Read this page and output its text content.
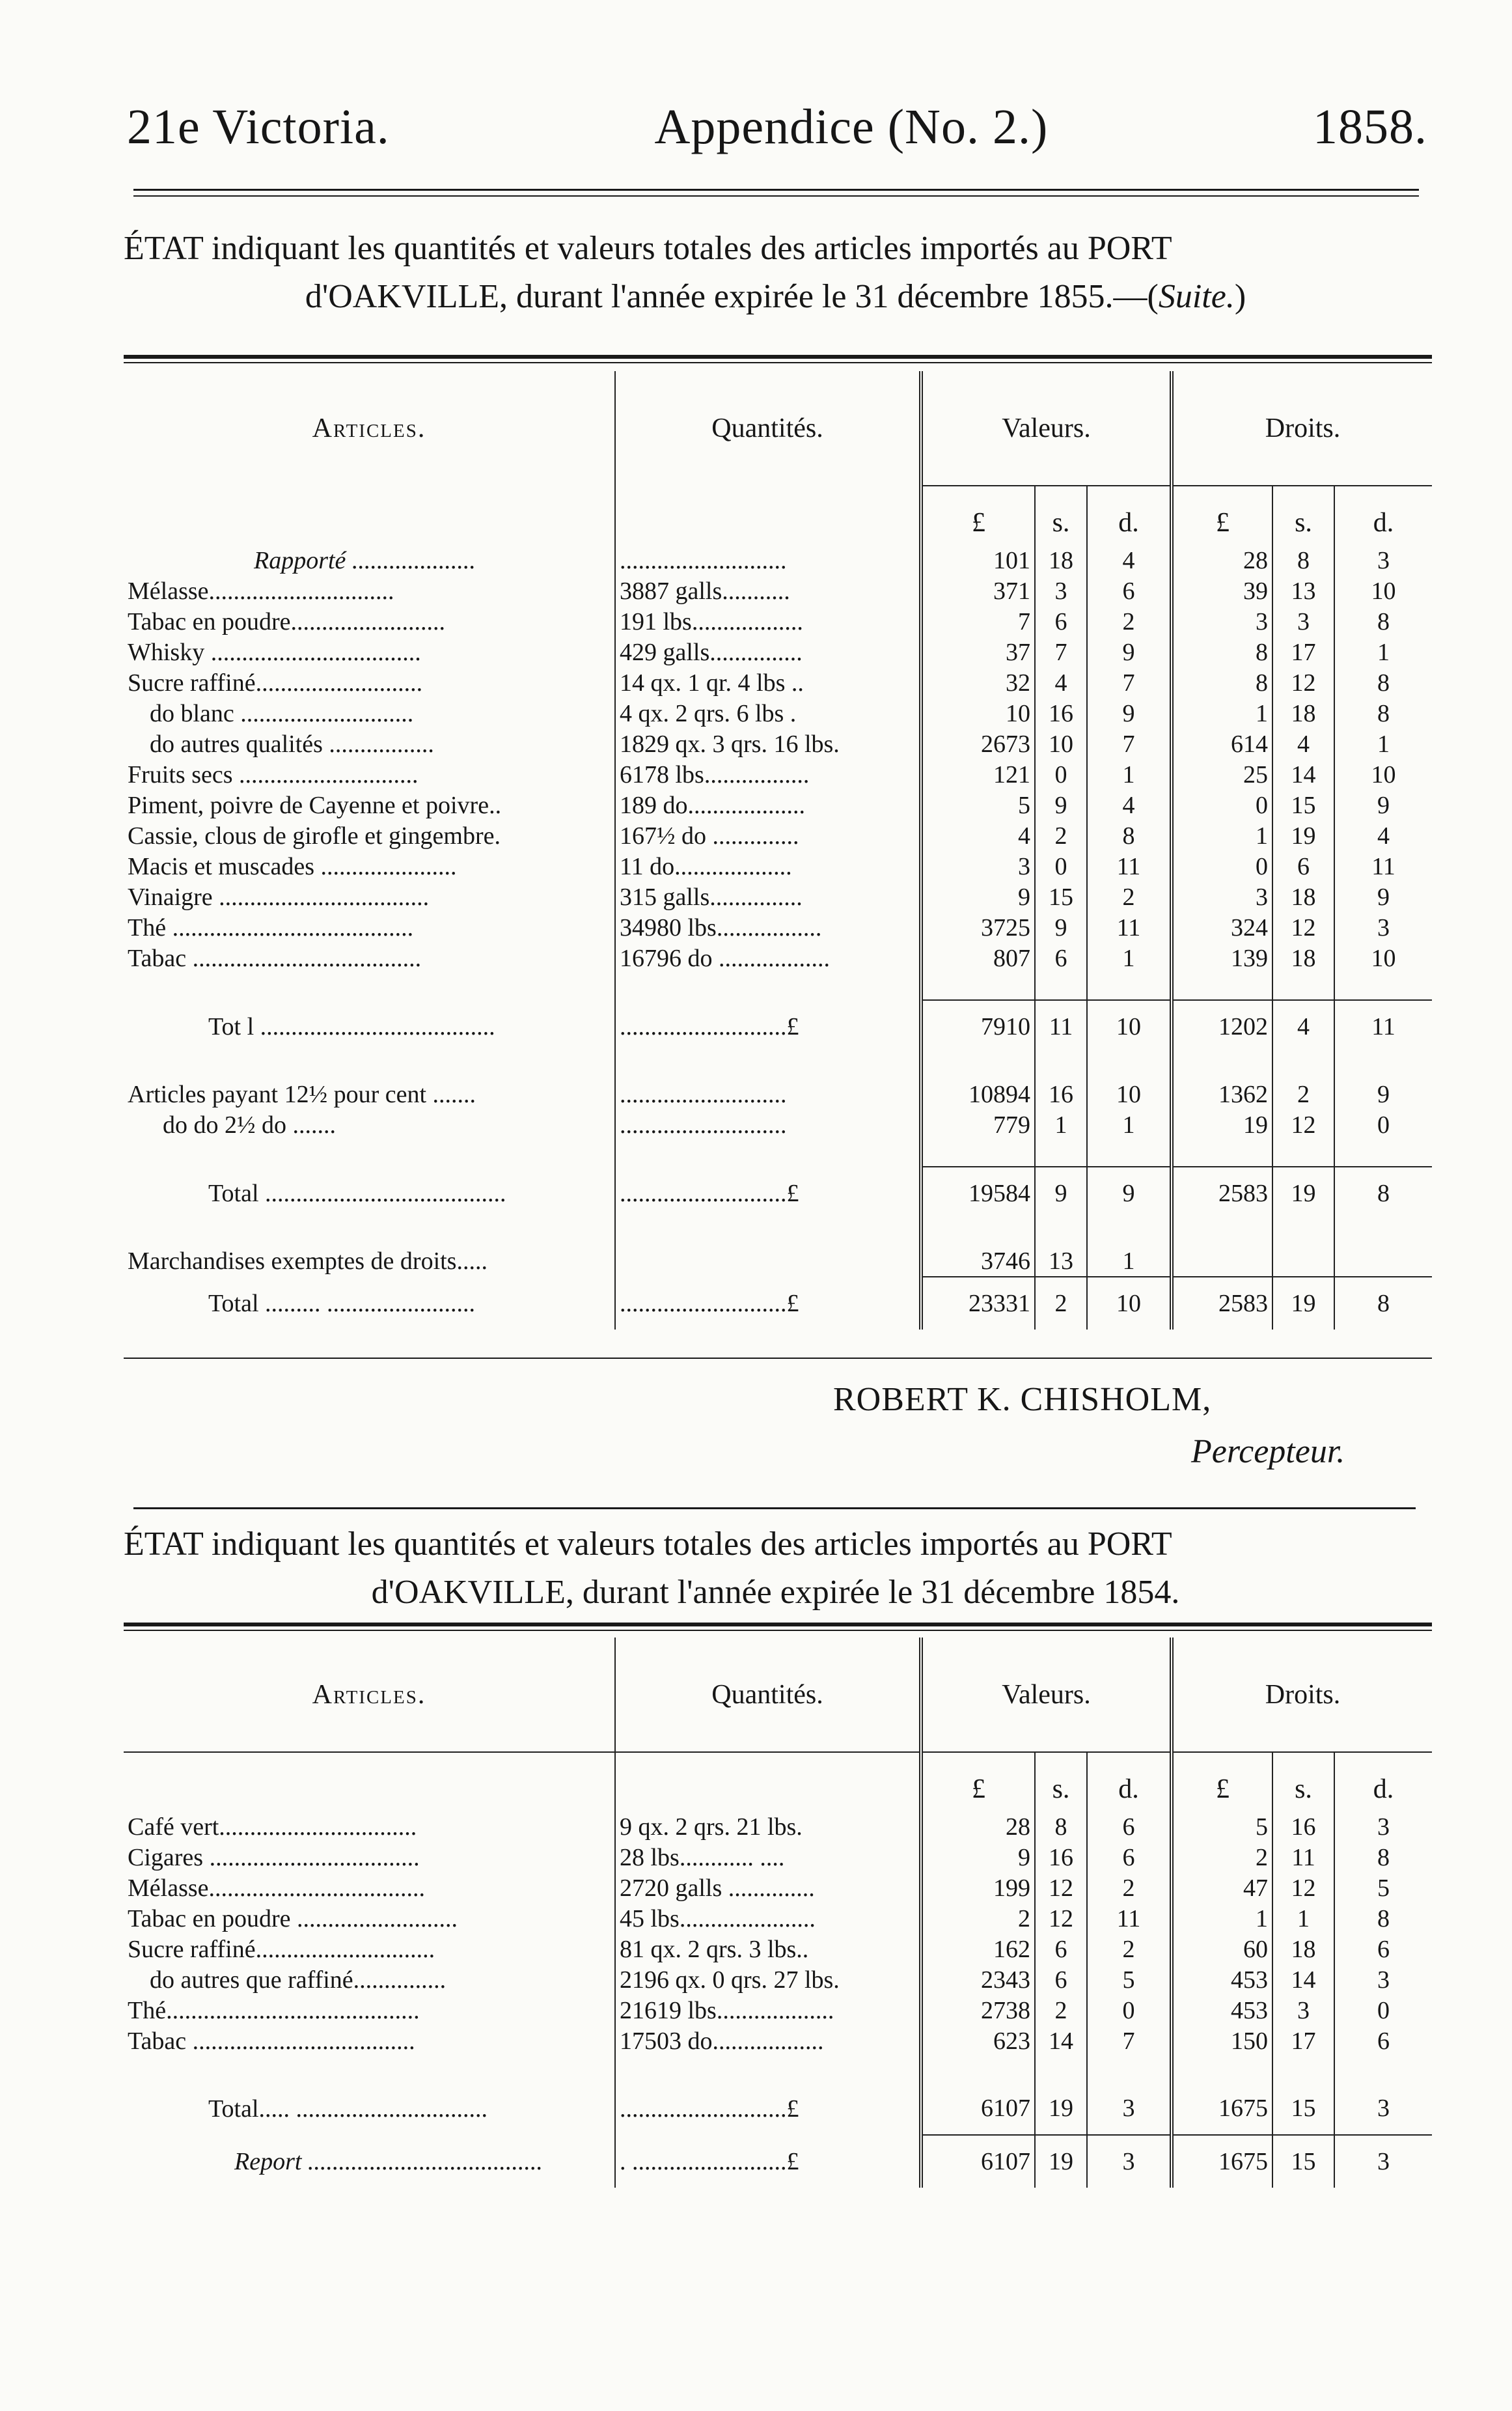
21e Victoria.	Appendice (No. 2.)	1858.
ÉTAT indiquant les quantités et valeurs totales des articles importés au PORT
d'OAKVILLE, durant l'année expirée le 31 décembre 1855.—(Suite.)
Articles.	Quantités.	Valeurs.			Droits.		
		£	s.	d.	£	s.	d.
Rapporté ....................	...........................	101	18	4	28	8	3
Mélasse..............................	3887 galls...........	371	3	6	39	13	10
Tabac en poudre.........................	191 lbs..................	7	6	2	3	3	8
Whisky ..................................	429 galls...............	37	7	9	8	17	1
Sucre raffiné...........................	14 qx. 1 qr. 4 lbs ..	32	4	7	8	12	8
do blanc ............................	4 qx. 2 qrs. 6 lbs .	10	16	9	1	18	8
do autres qualités .................	1829 qx. 3 qrs. 16 lbs.	2673	10	7	614	4	1
Fruits secs .............................	6178 lbs.................	121	0	1	25	14	10
Piment, poivre de Cayenne et poivre..	189 do...................	5	9	4	0	15	9
Cassie, clous de girofle et gingembre.	167½ do ..............	4	2	8	1	19	4
Macis et muscades ......................	11 do...................	3	0	11	0	6	11
Vinaigre ..................................	315 galls...............	9	15	2	3	18	9
Thé .......................................	34980 lbs.................	3725	9	11	324	12	3
Tabac .....................................	16796 do ..................	807	6	1	139	18	10

Tot l ......................................	...........................£	7910	11	10	1202	4	11

Articles payant 12½ pour cent .......	...........................	10894	16	10	1362	2	9
do do 2½ do .......	...........................	779	1	1	19	12	0

Total .......................................	...........................£	19584	9	9	2583	19	8

Marchandises exemptes de droits.....		3746	13	1			
Total ......... ........................	...........................£	23331	2	10	2583	19	8
ROBERT K. CHISHOLM,
Percepteur.
ÉTAT indiquant les quantités et valeurs totales des articles importés au PORT
d'OAKVILLE, durant l'année expirée le 31 décembre 1854.
Articles.	Quantités.	Valeurs.			Droits.		
		£	s.	d.	£	s.	d.
Café vert................................	9 qx. 2 qrs. 21 lbs.	28	8	6	5	16	3
Cigares ..................................	28 lbs............ ....	9	16	6	2	11	8
Mélasse...................................	2720 galls ..............	199	12	2	47	12	5
Tabac en poudre ..........................	45 lbs......................	2	12	11	1	1	8
Sucre raffiné.............................	81 qx. 2 qrs. 3 lbs..	162	6	2	60	18	6
do autres que raffiné...............	2196 qx. 0 qrs. 27 lbs.	2343	6	5	453	14	3
Thé.........................................	21619 lbs...................	2738	2	0	453	3	0
Tabac ....................................	17503 do..................	623	14	7	150	17	6

Total..... ...............................	...........................£	6107	19	3	1675	15	3
Report ......................................	. .........................£	6107	19	3	1675	15	3
